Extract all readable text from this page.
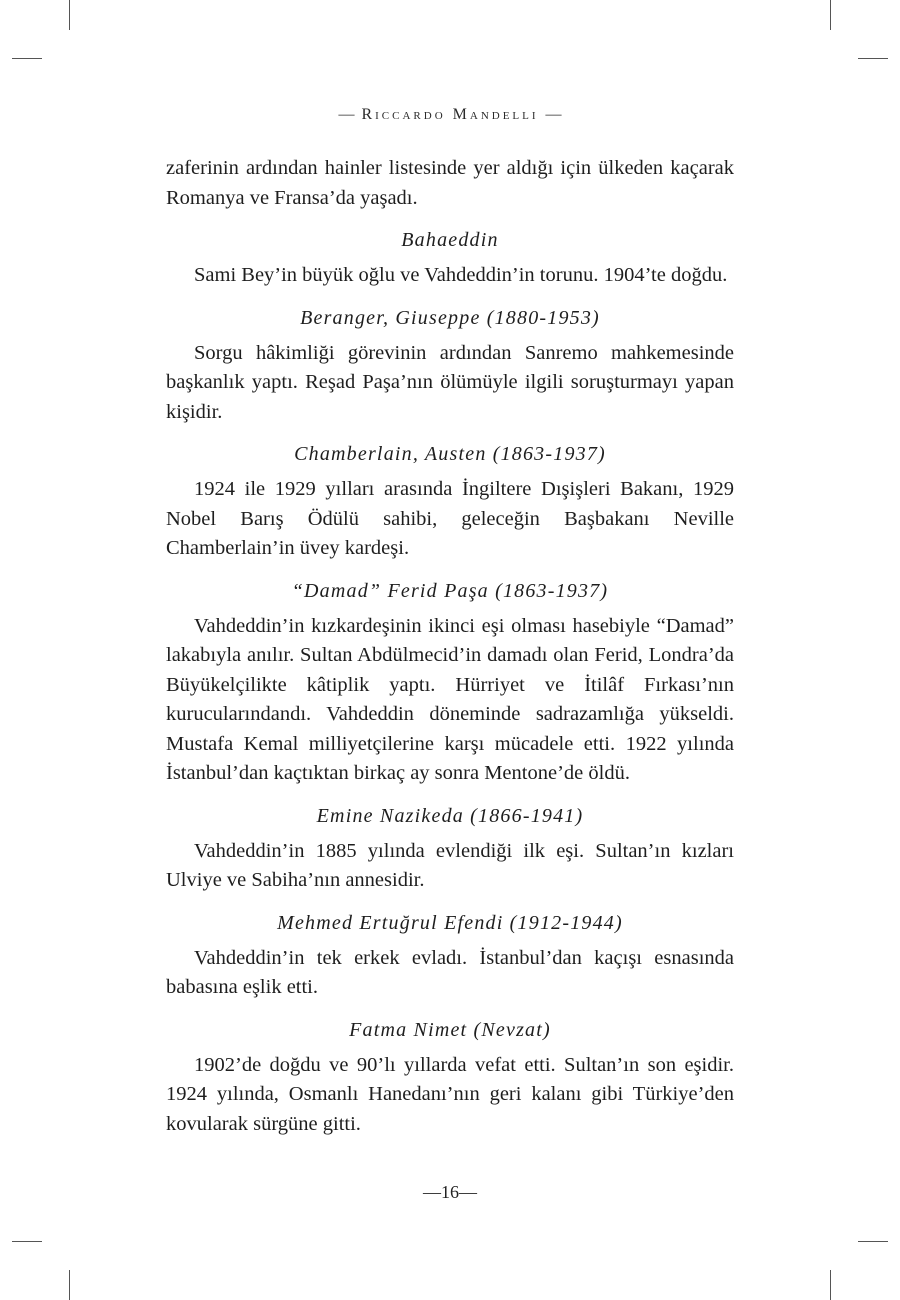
— Riccardo Mandelli —

zaferinin ardından hainler listesinde yer aldığı için ülkeden kaçarak Romanya ve Fransa’da yaşadı.

Bahaeddin

Sami Bey’in büyük oğlu ve Vahdeddin’in torunu. 1904’te doğdu.

Beranger, Giuseppe (1880-1953)

Sorgu hâkimliği görevinin ardından Sanremo mahkemesinde başkanlık yaptı. Reşad Paşa’nın ölümüyle ilgili soruşturmayı yapan kişidir.

Chamberlain, Austen (1863-1937)

1924 ile 1929 yılları arasında İngiltere Dışişleri Bakanı, 1929 Nobel Barış Ödülü sahibi, geleceğin Başbakanı Neville Chamberlain’in üvey kardeşi.

“Damad” Ferid Paşa (1863-1937)

Vahdeddin’in kızkardeşinin ikinci eşi olması hasebiyle “Damad” lakabıyla anılır. Sultan Abdülmecid’in damadı olan Ferid, Londra’da Büyükelçilikte kâtiplik yaptı. Hürriyet ve İtilâf Fırkası’nın kurucularındandı. Vahdeddin döneminde sadrazamlığa yükseldi. Mustafa Kemal milliyetçilerine karşı mücadele etti. 1922 yılında İstanbul’dan kaçtıktan birkaç ay sonra Mentone’de öldü.

Emine Nazikeda (1866-1941)

Vahdeddin’in 1885 yılında evlendiği ilk eşi. Sultan’ın kızları Ulviye ve Sabiha’nın annesidir.

Mehmed Ertuğrul Efendi (1912-1944)

Vahdeddin’in tek erkek evladı. İstanbul’dan kaçışı esnasında babasına eşlik etti.

Fatma Nimet (Nevzat)

1902’de doğdu ve 90’lı yıllarda vefat etti. Sultan’ın son eşidir. 1924 yılında, Osmanlı Hanedanı’nın geri kalanı gibi Türkiye’den kovularak sürgüne gitti.

—16—
